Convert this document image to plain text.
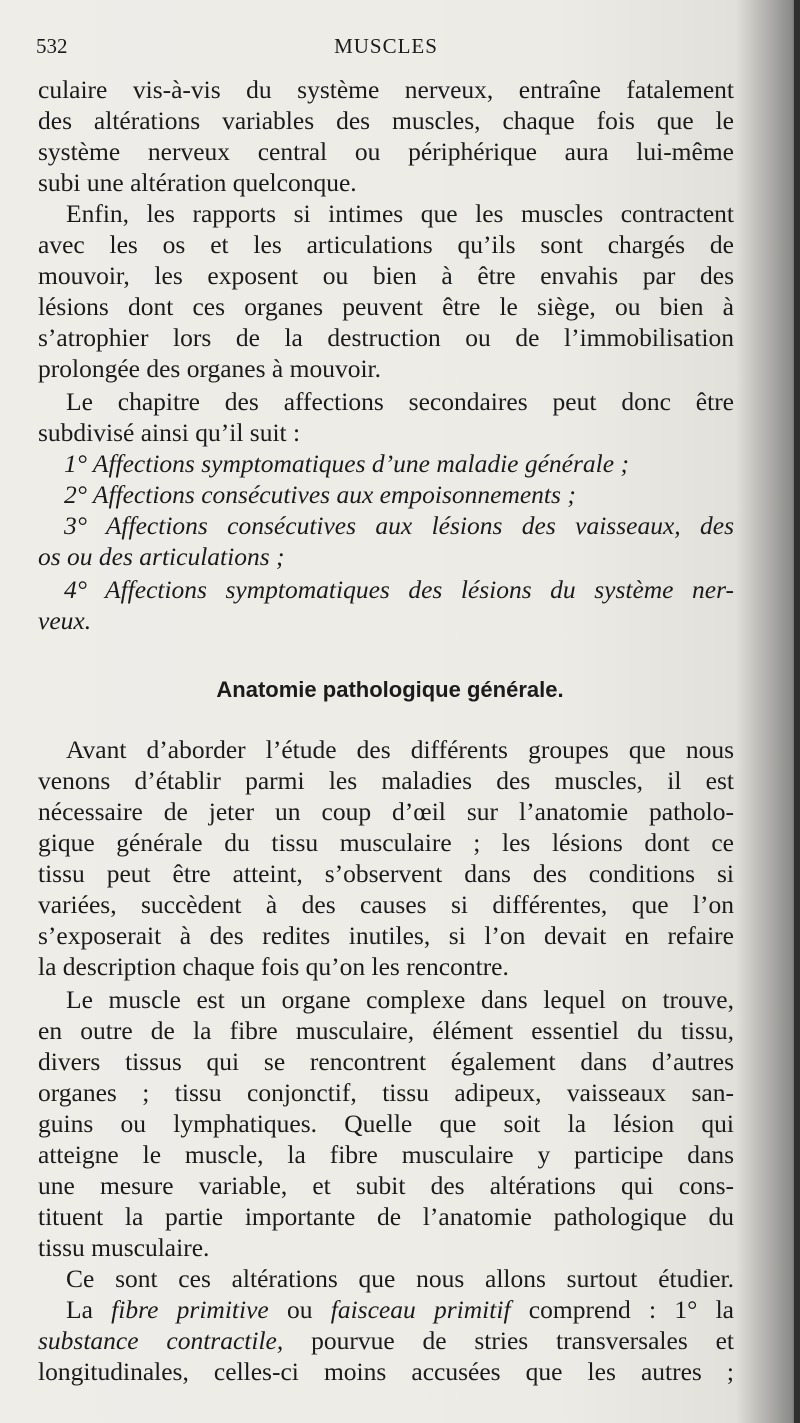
532	MUSCLES
culaire vis-à-vis du système nerveux, entraîne fatalement
des altérations variables des muscles, chaque fois que le
système nerveux central ou périphérique aura lui-même
subi une altération quelconque.
Enfin, les rapports si intimes que les muscles contractent
avec les os et les articulations qu’ils sont chargés de
mouvoir, les exposent ou bien à être envahis par des
lésions dont ces organes peuvent être le siège, ou bien à
s’atrophier lors de la destruction ou de l’immobilisation
prolongée des organes à mouvoir.
Le chapitre des affections secondaires peut donc être
subdivisé ainsi qu’il suit :
1° Affections symptomatiques d’une maladie générale ;
2° Affections consécutives aux empoisonnements ;
3° Affections consécutives aux lésions des vaisseaux, des
os ou des articulations ;
4° Affections symptomatiques des lésions du système ner-
veux.
Anatomie pathologique générale.
Avant d’aborder l’étude des différents groupes que nous
venons d’établir parmi les maladies des muscles, il est
nécessaire de jeter un coup d’œil sur l’anatomie patholo-
gique générale du tissu musculaire ; les lésions dont ce
tissu peut être atteint, s’observent dans des conditions si
variées, succèdent à des causes si différentes, que l’on
s’exposerait à des redites inutiles, si l’on devait en refaire
la description chaque fois qu’on les rencontre.
Le muscle est un organe complexe dans lequel on trouve,
en outre de la fibre musculaire, élément essentiel du tissu,
divers tissus qui se rencontrent également dans d’autres
organes ; tissu conjonctif, tissu adipeux, vaisseaux san-
guins ou lymphatiques. Quelle que soit la lésion qui
atteigne le muscle, la fibre musculaire y participe dans
une mesure variable, et subit des altérations qui cons-
tituent la partie importante de l’anatomie pathologique du
tissu musculaire.
Ce sont ces altérations que nous allons surtout étudier.
La fibre primitive ou faisceau primitif comprend : 1° la
substance contractile, pourvue de stries transversales et
longitudinales, celles-ci moins accusées que les autres ;
